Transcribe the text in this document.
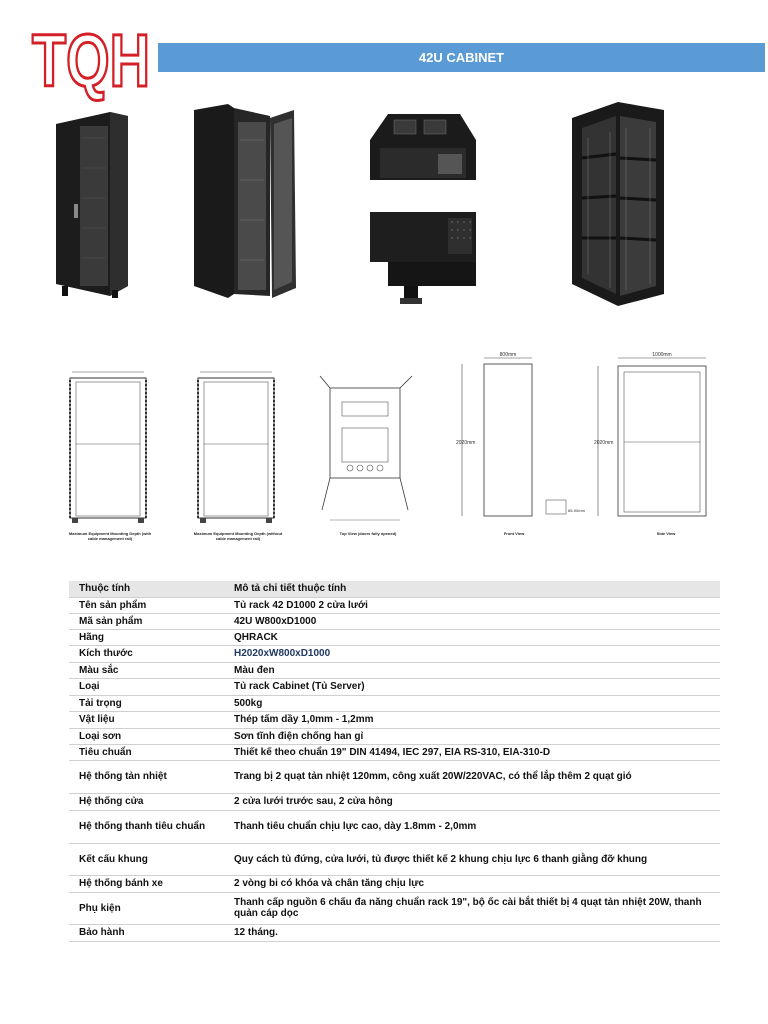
TQH	42U CABINET
800mm
2020mm
85-90mm
1000mm
2020mm
Maximum Equipment Mounting Depth (with cable management rail)
Maximum Equipment Mounting Depth (without cable management rail)
Top View (doors fully opened)	Front View	Side View
Thuộc tính	Mô tả chi tiết thuộc tính
Tên sản phẩm	Tủ rack 42 D1000 2 cửa lưới
Mã sản phẩm	42U W800xD1000
Hãng	QHRACK
Kích thước	H2020xW800xD1000
Màu sắc	Màu đen
Loại	Tủ rack Cabinet (Tủ Server)
Tải trọng	500kg
Vật liệu	Thép tấm dầy 1,0mm - 1,2mm
Loại sơn	Sơn tĩnh điện chống han gỉ
Tiêu chuẩn	Thiết kế theo chuẩn 19" DIN 41494, IEC 297, EIA RS-310, EIA-310-D
Hệ thống tản nhiệt	Trang bị 2 quạt tản nhiệt 120mm, công xuất 20W/220VAC, có thể lắp thêm 2 quạt gió
Hệ thống cửa	2 cửa lưới trước sau, 2 cửa hông
Hệ thống thanh tiêu chuẩn	Thanh tiêu chuẩn chịu lực cao, dày 1.8mm - 2,0mm
Kết cấu khung	Quy cách tủ đứng, cửa lưới, tủ được thiết kế 2 khung chịu lực 6 thanh giằng đỡ khung
Hệ thống bánh xe	2 vòng bi có khóa và chân tăng chịu lực
Phụ kiện	Thanh cấp nguồn 6 chấu đa năng chuẩn rack 19", bộ ốc cài bắt thiết bị 4 quạt tản nhiệt 20W, thanh quản cáp dọc
Bảo hành	12 tháng.
